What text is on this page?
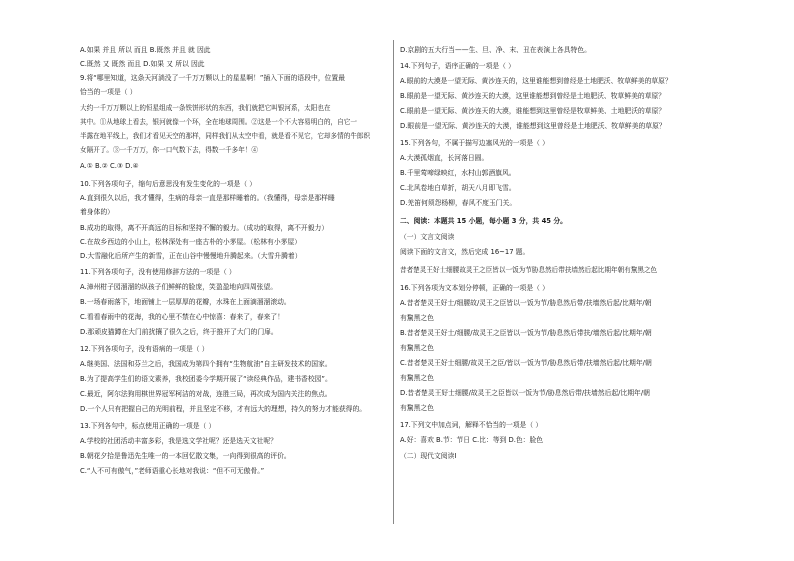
A.如果 并且 所以 而且 B.既然 并且 就 因此
C.既然 又 既然 而且 D.如果 又 所以 因此
9.将“哪里知道，这条天河淌没了一千万万颗以上的星星啊！”插入下面的语段中，位置最
恰当的一项是（ ）
大约一千万万颗以上的恒星组成一条铁饼形状的东西，我们就把它叫银河系，太阳也在
其中。①从地球上看去，银河就像一个环，全在地球周围。②这是一个不大容易明白的，自它一
半露在地平线上，我们才看见天空的那样，同样我们从太空中看，就是看不见它，它却多情的牛郎织
女隔开了。③一千万万，你一口气数下去，得数一千多年！④
A.① B.② C.③ D.④
10.下列各项句子，缩句后意思没有发生变化的一项是（ ）
A.直到很久以后，我才懂得，生病的母亲一直是那样睡着的。（我懂得，母亲是那样睡
着身体的）
B.成功的取得，离不开高远的目标和坚持不懈的毅力。（成功的取得，离不开毅力）
C.在故乡西边的小山上，松林深处有一座古朴的小茅屋。（松林有小茅屋）
D.大雪融化后所产生的新雪，正在山谷中慢慢地升腾起来。（大雪升腾着）
11.下列各项句子，没有使用修辞方法的一项是（ ）
A.漳州柑子园溜溜的纵孩子们鲜鲜的脸庞，笑盈盈地向四周张望。
B.一场春雨落下，地面铺上一层厚厚的花瓣，水珠在上面滴溜溜滚动。
C.看看春雨中的花海，我的心里不禁在心中惊喜：春来了，春来了！
D.那顽皮猫蹲在大门前扰攘了很久之后，终于推开了大门的门扉。
12.下列各项句子，没有语病的一项是（ ）
A.继美国、法国和芬兰之后，我国成为第四个拥有“生物航油”自主研发技术的国家。
B.为了提高学生们的语文素养，我校团委今学期开展了“读经典作品，建书香校园”。
C.最近，阿尔法狗用棋世界冠军柯洁的对战，连胜三局，再次成为国内关注的焦点。
D.一个人只有把握自己的光明前程，并且坚定不移，才有远大的理想，持久的努力才能获得的。
13.下列各句中，标点使用正确的一项是（ ）
A.学校的社团活动丰富多彩，我是选文学社呢？还是选天文社呢？
B.朝花夕拾是鲁迅先生唯一的一本回忆散文集，一向得到很高的评价。
C.“人不可有傲气，”老师语重心长地对我说：“但不可无傲骨。”
D.京剧的五大行当——生、旦、净、末、丑在表演上各具特色。
14.下列句子，语序正确的一项是（ ）
A.眼前的大漠是一望无际、黄沙连天的，这里谁能想到曾经是土地肥沃、牧草鲜美的草原？
B.眼前是一望无际、黄沙连天的大漠，这里谁能想到曾经是土地肥沃、牧草鲜美的草原？
C.眼前是一望无际、黄沙连天的大漠，谁能想到这里曾经是牧草鲜美、土地肥沃的草原？
D.眼前是一望无际、黄沙连天的大漠，谁能想到这里曾经是土地肥沃、牧草鲜美的草原？
15.下列各句，不属于描写边塞风光的一项是（ ）
A.大漠孤烟直，长河落日圆。
B.千里莺啼绿映红，水村山郭酒旗风。
C.北风卷地白草折，胡天八月即飞雪。
D.羌笛何须怨杨柳，春风不度玉门关。
二、阅读：本题共 15 小题，每小题 3 分，共 45 分。
（一）文言文阅读
阅读下面的文言文，然后完成 16~17 题。
昔者楚灵王好士细腰故灵王之臣皆以一饭为节胁息然后带扶墙然后起比期年朝有黧黑之色
16.下列各项为文本划分停顿，正确的一项是（ ）
A.昔者楚灵王好士/细腰故/灵王之臣皆以一饭为节/胁息然后带/扶墙然后起/比期年/朝
有黧黑之色
B.昔者楚灵王好士/细腰/故灵王之臣皆以一饭为节/胁息然后带扶/墙然后起/比期年/朝
有黧黑之色
C.昔者楚灵王好士细腰/故灵王之臣/皆以一饭为节/胁息然后带/扶墙然后起/比期年/朝
有黧黑之色
D.昔者楚灵王好士细腰/故灵王之臣皆以一饭为节/胁息然后带/扶墙然后起/比期年/朝
有黧黑之色
17.下列文中加点词，解释不恰当的一项是（ ）
A.好：喜欢 B.节：节日 C.比：等到 D.色：脸色
（二）现代文阅读Ⅰ
